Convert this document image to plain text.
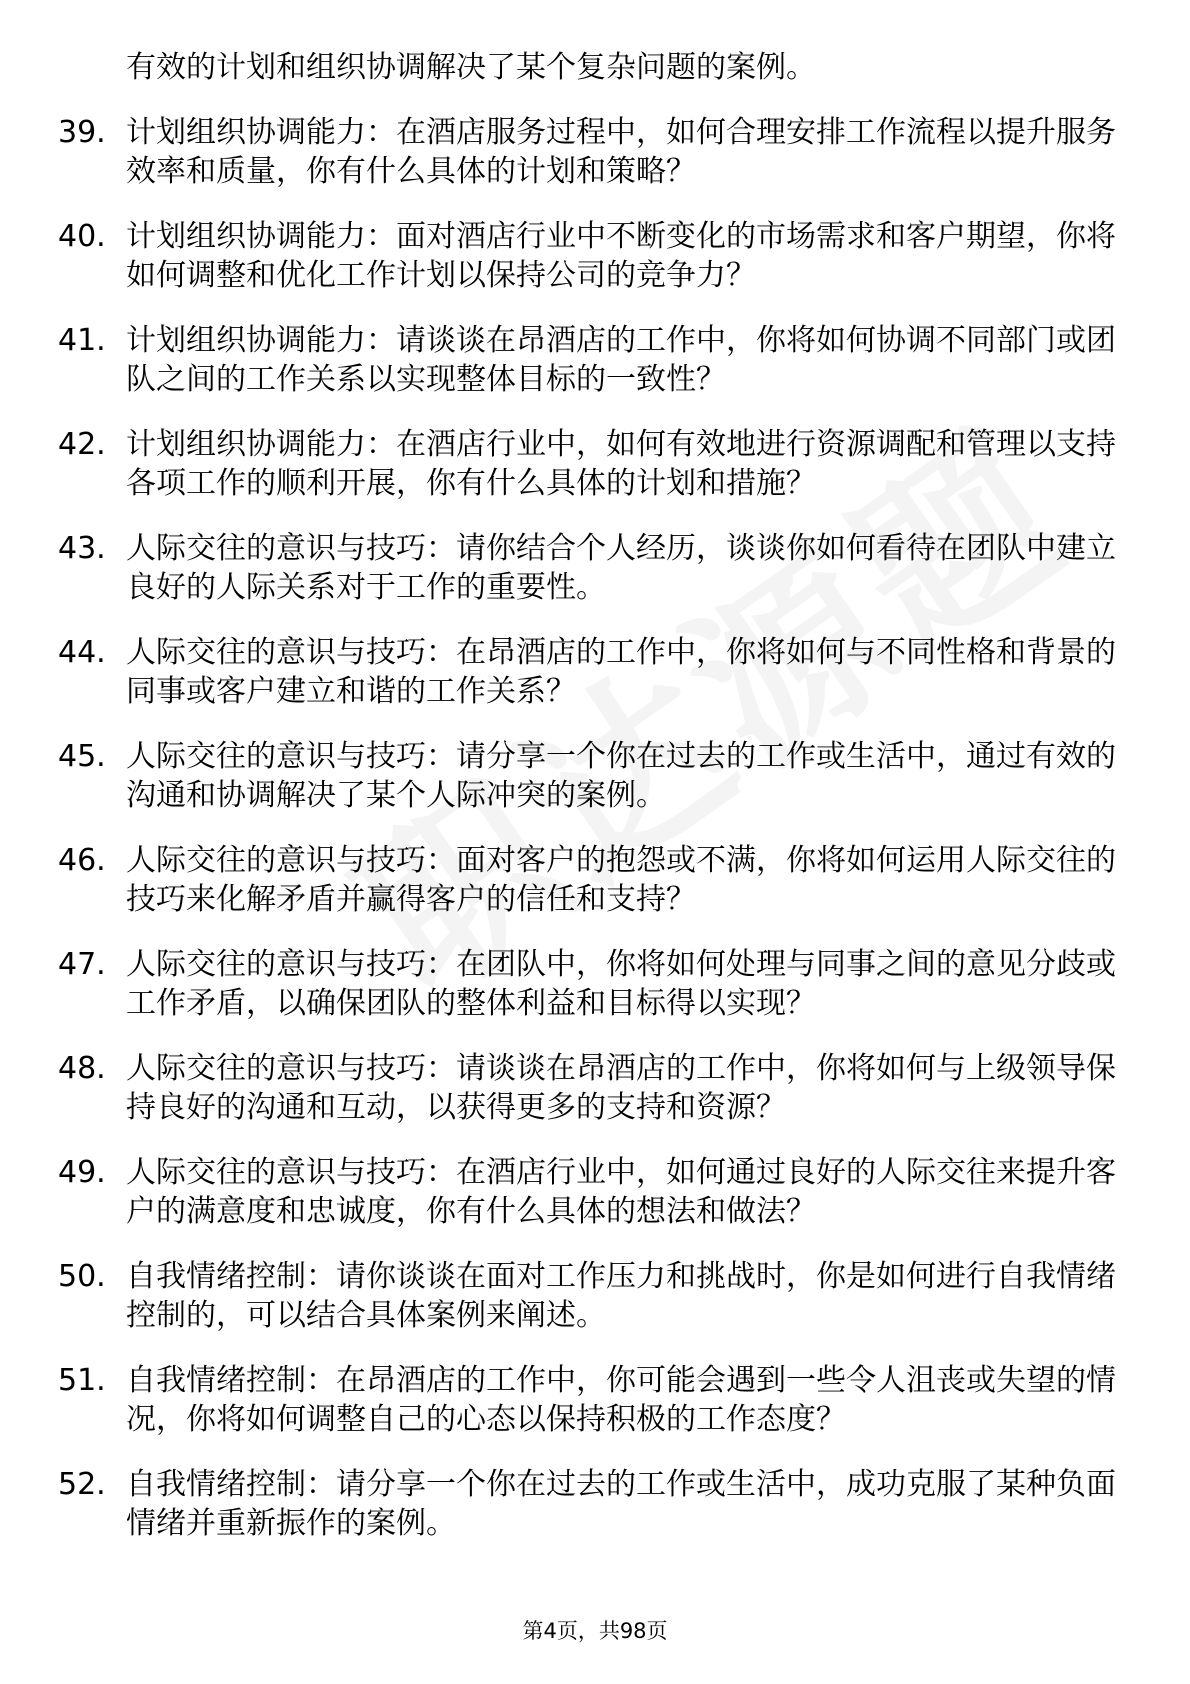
有效的计划和组织协调解决了某个复杂问题的案例。
39. 计划组织协调能力：在酒店服务过程中，如何合理安排工作流程以提升服务效率和质量，你有什么具体的计划和策略？
40. 计划组织协调能力：面对酒店行业中不断变化的市场需求和客户期望，你将如何调整和优化工作计划以保持公司的竞争力？
41. 计划组织协调能力：请谈谈在昂酒店的工作中，你将如何协调不同部门或团队之间的工作关系以实现整体目标的一致性？
42. 计划组织协调能力：在酒店行业中，如何有效地进行资源调配和管理以支持各项工作的顺利开展，你有什么具体的计划和措施？
43. 人际交往的意识与技巧：请你结合个人经历，谈谈你如何看待在团队中建立良好的人际关系对于工作的重要性。
44. 人际交往的意识与技巧：在昂酒店的工作中，你将如何与不同性格和背景的同事或客户建立和谐的工作关系？
45. 人际交往的意识与技巧：请分享一个你在过去的工作或生活中，通过有效的沟通和协调解决了某个人际冲突的案例。
46. 人际交往的意识与技巧：面对客户的抱怨或不满，你将如何运用人际交往的技巧来化解矛盾并赢得客户的信任和支持？
47. 人际交往的意识与技巧：在团队中，你将如何处理与同事之间的意见分歧或工作矛盾，以确保团队的整体利益和目标得以实现？
48. 人际交往的意识与技巧：请谈谈在昂酒店的工作中，你将如何与上级领导保持良好的沟通和互动，以获得更多的支持和资源？
49. 人际交往的意识与技巧：在酒店行业中，如何通过良好的人际交往来提升客户的满意度和忠诚度，你有什么具体的想法和做法？
50. 自我情绪控制：请你谈谈在面对工作压力和挑战时，你是如何进行自我情绪控制的，可以结合具体案例来阐述。
51. 自我情绪控制：在昂酒店的工作中，你可能会遇到一些令人沮丧或失望的情况，你将如何调整自己的心态以保持积极的工作态度？
52. 自我情绪控制：请分享一个你在过去的工作或生活中，成功克服了某种负面情绪并重新振作的案例。
第4页，共98页
